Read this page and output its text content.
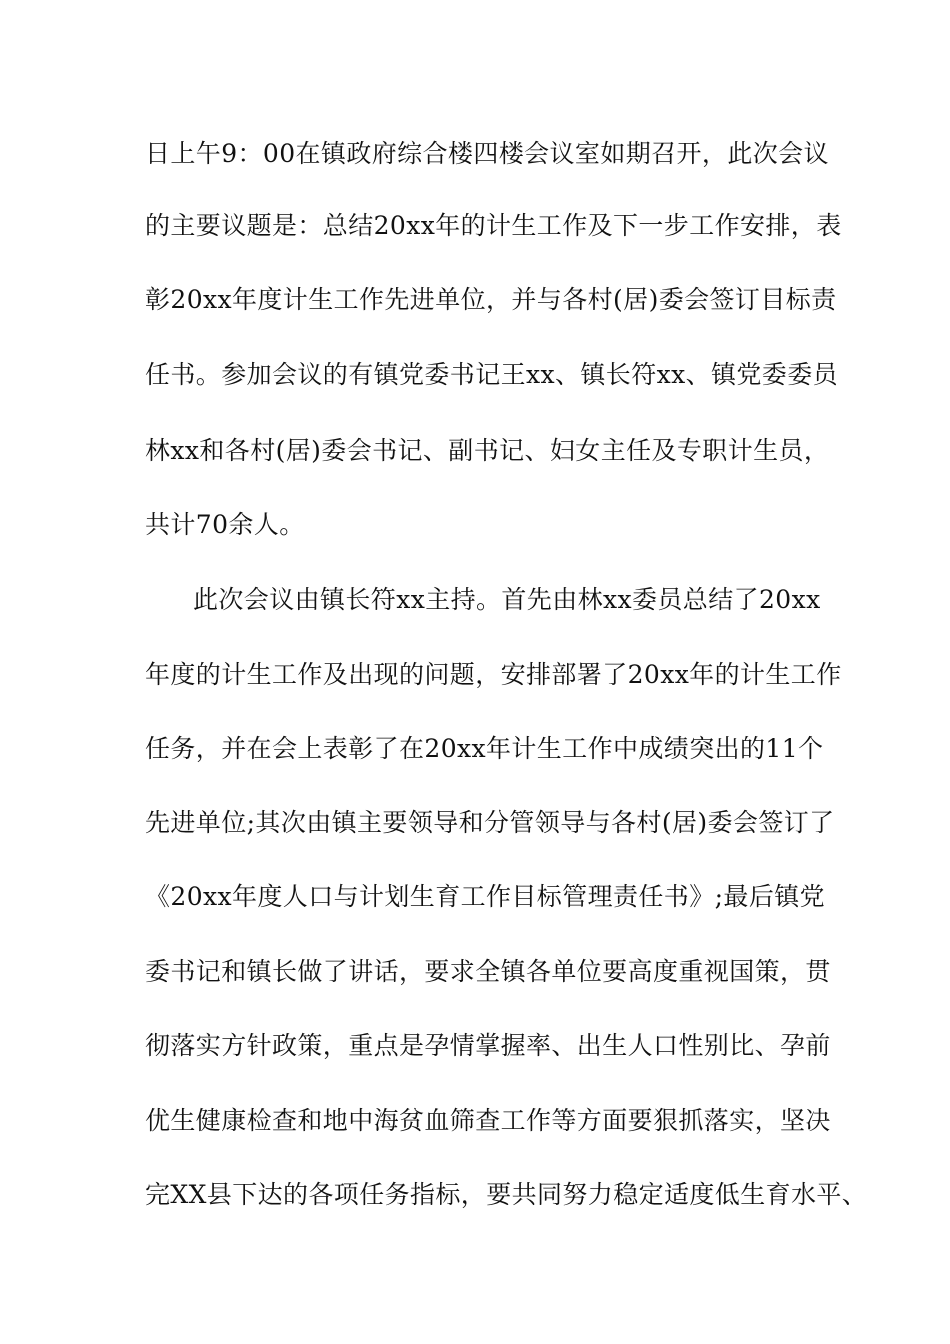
日上午9：00在镇政府综合楼四楼会议室如期召开，此次会议
的主要议题是：总结20xx年的计生工作及下一步工作安排，表
彰20xx年度计生工作先进单位，并与各村(居)委会签订目标责
任书。参加会议的有镇党委书记王xx、镇长符xx、镇党委委员
林xx和各村(居)委会书记、副书记、妇女主任及专职计生员，
共计70余人。
此次会议由镇长符xx主持。首先由林xx委员总结了20xx
年度的计生工作及出现的问题，安排部署了20xx年的计生工作
任务，并在会上表彰了在20xx年计生工作中成绩突出的11个
先进单位;其次由镇主要领导和分管领导与各村(居)委会签订了
《20xx年度人口与计划生育工作目标管理责任书》;最后镇党
委书记和镇长做了讲话，要求全镇各单位要高度重视国策，贯
彻落实方针政策，重点是孕情掌握率、出生人口性别比、孕前
优生健康检查和地中海贫血筛查工作等方面要狠抓落实，坚决
完XX县下达的各项任务指标，要共同努力稳定适度低生育水平、
